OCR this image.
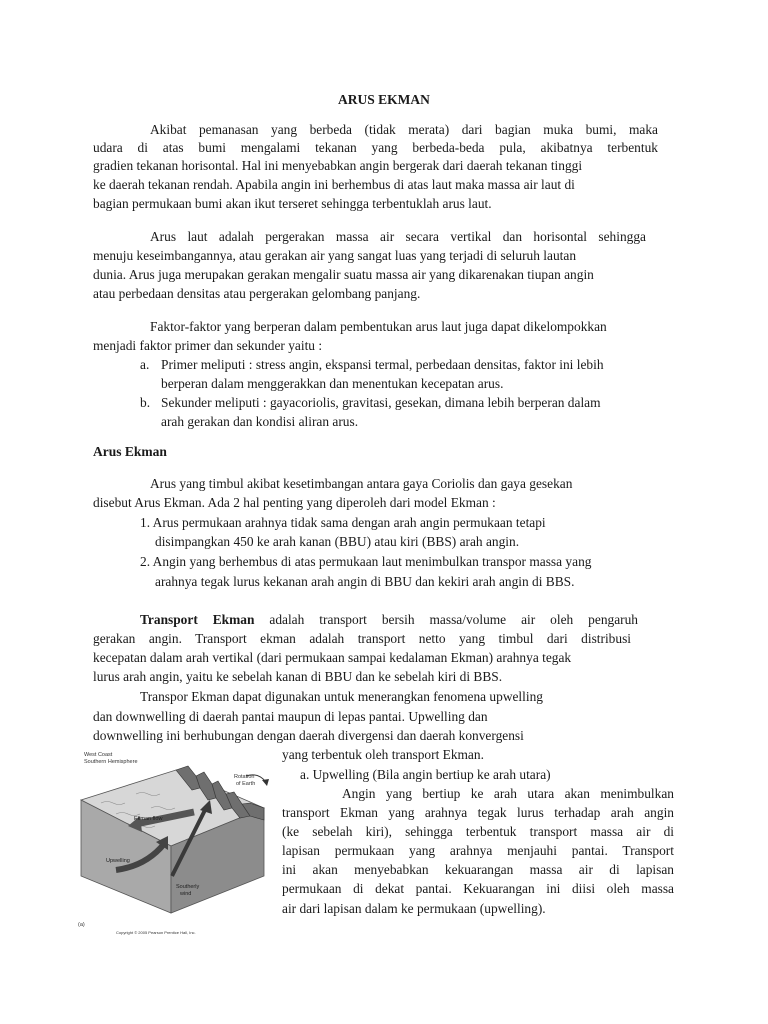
ARUS EKMAN
Akibat pemanasan yang berbeda (tidak merata) dari bagian muka bumi, maka
udara di atas bumi mengalami tekanan yang berbeda-beda pula, akibatnya terbentuk
gradien tekanan horisontal. Hal ini menyebabkan angin bergerak dari daerah tekanan tinggi
ke daerah tekanan rendah. Apabila angin ini berhembus di atas laut maka massa air laut di
bagian permukaan bumi akan ikut terseret sehingga terbentuklah arus laut.
Arus laut adalah pergerakan massa air secara vertikal dan horisontal sehingga
menuju keseimbangannya, atau gerakan air yang sangat luas yang terjadi di seluruh lautan
dunia. Arus juga merupakan gerakan mengalir suatu massa air yang dikarenakan tiupan angin
atau perbedaan densitas atau pergerakan gelombang panjang.
Faktor-faktor yang berperan dalam pembentukan arus laut juga dapat dikelompokkan
menjadi faktor primer dan sekunder yaitu :
a. Primer meliputi : stress angin, ekspansi termal, perbedaan densitas, faktor ini lebih
berperan dalam menggerakkan dan menentukan kecepatan arus.
b. Sekunder meliputi : gayacoriolis, gravitasi, gesekan, dimana lebih berperan dalam
arah gerakan dan kondisi aliran arus.
Arus Ekman
Arus yang timbul akibat kesetimbangan antara gaya Coriolis dan gaya gesekan
disebut Arus Ekman. Ada 2 hal penting yang diperoleh dari model Ekman :
1. Arus permukaan arahnya tidak sama dengan arah angin permukaan tetapi
disimpangkan 450 ke arah kanan (BBU) atau kiri (BBS) arah angin.
2. Angin yang berhembus di atas permukaan laut menimbulkan transpor massa yang
arahnya tegak lurus kekanan arah angin di BBU dan kekiri arah angin di BBS.
Transport Ekman adalah transport bersih massa/volume air oleh pengaruh
gerakan angin. Transport ekman adalah transport netto yang timbul dari distribusi
kecepatan dalam arah vertikal (dari permukaan sampai kedalaman Ekman) arahnya tegak
lurus arah angin, yaitu ke sebelah kanan di BBU dan ke sebelah kiri di BBS.
Transpor Ekman dapat digunakan untuk menerangkan fenomena upwelling
dan downwelling di daerah pantai maupun di lepas pantai. Upwelling dan
downwelling ini berhubungan dengan daerah divergensi dan daerah konvergensi
yang terbentuk oleh transport Ekman.
a. Upwelling (Bila angin bertiup ke arah utara)
Angin yang bertiup ke arah utara akan menimbulkan
transport Ekman yang arahnya tegak lurus terhadap arah angin
(ke sebelah kiri), sehingga terbentuk transport massa air di
lapisan permukaan yang arahnya menjauhi pantai. Transport
ini akan menyebabkan kekuarangan massa air di lapisan
permukaan di dekat pantai. Kekuarangan ini diisi oleh massa
air dari lapisan dalam ke permukaan (upwelling).
West Coast
Southern Hemisphere
Rotation
of Earth
Ekman flow
Upwelling
Southerly
wind
(a)
Copyright © 2005 Pearson Prentice Hall, Inc.
